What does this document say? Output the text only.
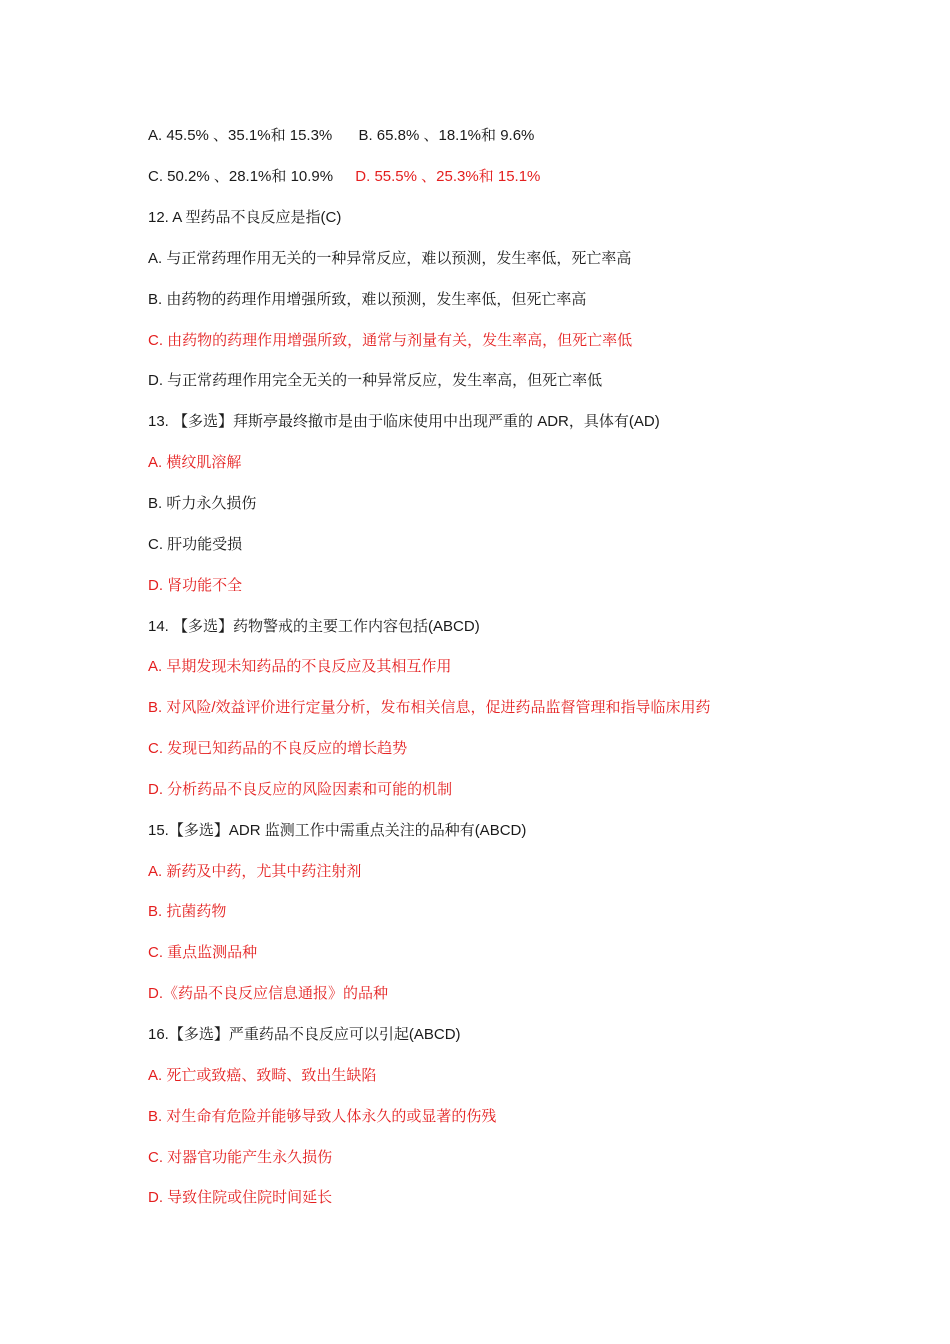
A. 45.5% 、35.1%和 15.3% B. 65.8% 、18.1%和 9.6%
C. 50.2% 、28.1%和 10.9% D. 55.5% 、25.3%和 15.1%
12. A 型药品不良反应是指(C)
A. 与正常药理作用无关的一种异常反应，难以预测，发生率低，死亡率高
B. 由药物的药理作用增强所致，难以预测，发生率低，但死亡率高
C. 由药物的药理作用增强所致，通常与剂量有关，发生率高，但死亡率低
D. 与正常药理作用完全无关的一种异常反应，发生率高，但死亡率低
13. 【多选】拜斯亭最终撤市是由于临床使用中出现严重的 ADR，具体有(AD)
A. 横纹肌溶解
B. 听力永久损伤
C. 肝功能受损
D. 肾功能不全
14. 【多选】药物警戒的主要工作内容包括(ABCD)
A. 早期发现未知药品的不良反应及其相互作用
B. 对风险/效益评价进行定量分析，发布相关信息，促进药品监督管理和指导临床用药
C. 发现已知药品的不良反应的增长趋势
D. 分析药品不良反应的风险因素和可能的机制
15.【多选】ADR 监测工作中需重点关注的品种有(ABCD)
A. 新药及中药，尤其中药注射剂
B. 抗菌药物
C. 重点监测品种
D.《药品不良反应信息通报》的品种
16.【多选】严重药品不良反应可以引起(ABCD)
A. 死亡或致癌、致畸、致出生缺陷
B. 对生命有危险并能够导致人体永久的或显著的伤残
C. 对器官功能产生永久损伤
D. 导致住院或住院时间延长
